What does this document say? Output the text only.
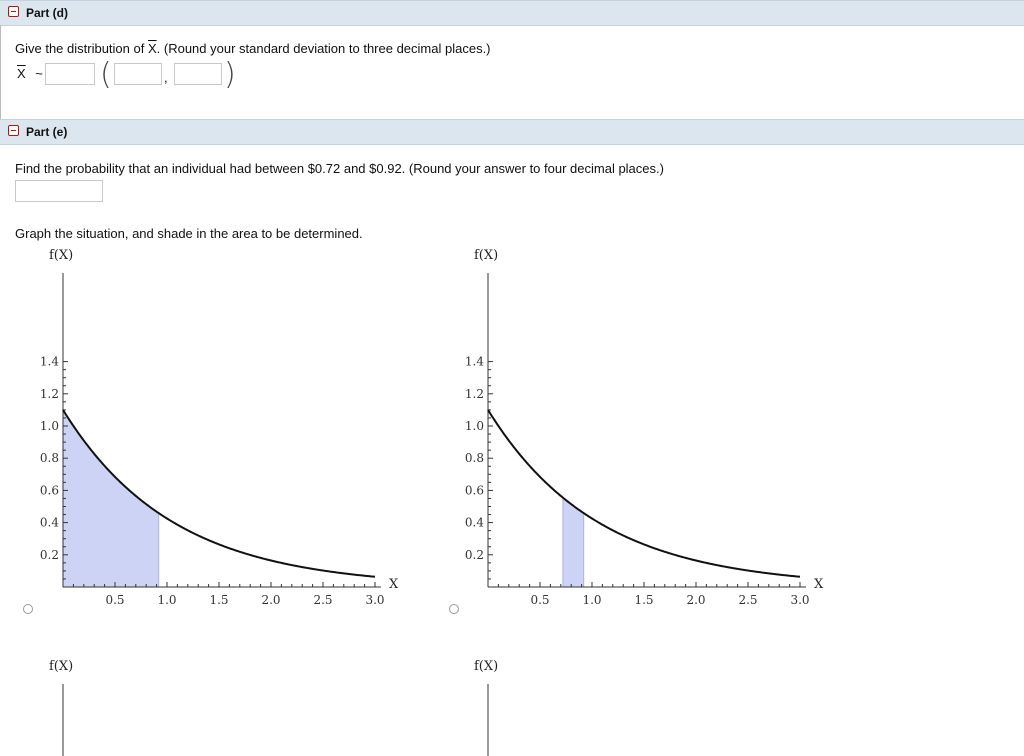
Part (d)
Give the distribution of $\overline{X}$. (Round your standard deviation to three decimal places.)
$\overline{X}$ ~ (	, )
Part (e)
Find the probability that an individual had between $0.72 and $0.92. (Round your answer to four decimal places.)
Graph the situation, and shade in the area to be determined.
1.4
1.2
1.0
0.8
0.6
0.4
0.2
f(X)
0.5	1.0	1.5	2.0	2.5	3.0
X
1.4
1.2
1.0
0.8
0.6
0.4
0.2
f(X)
0.5	1.0	1.5	2.0	2.5	3.0
X
f(X)	f(X)
